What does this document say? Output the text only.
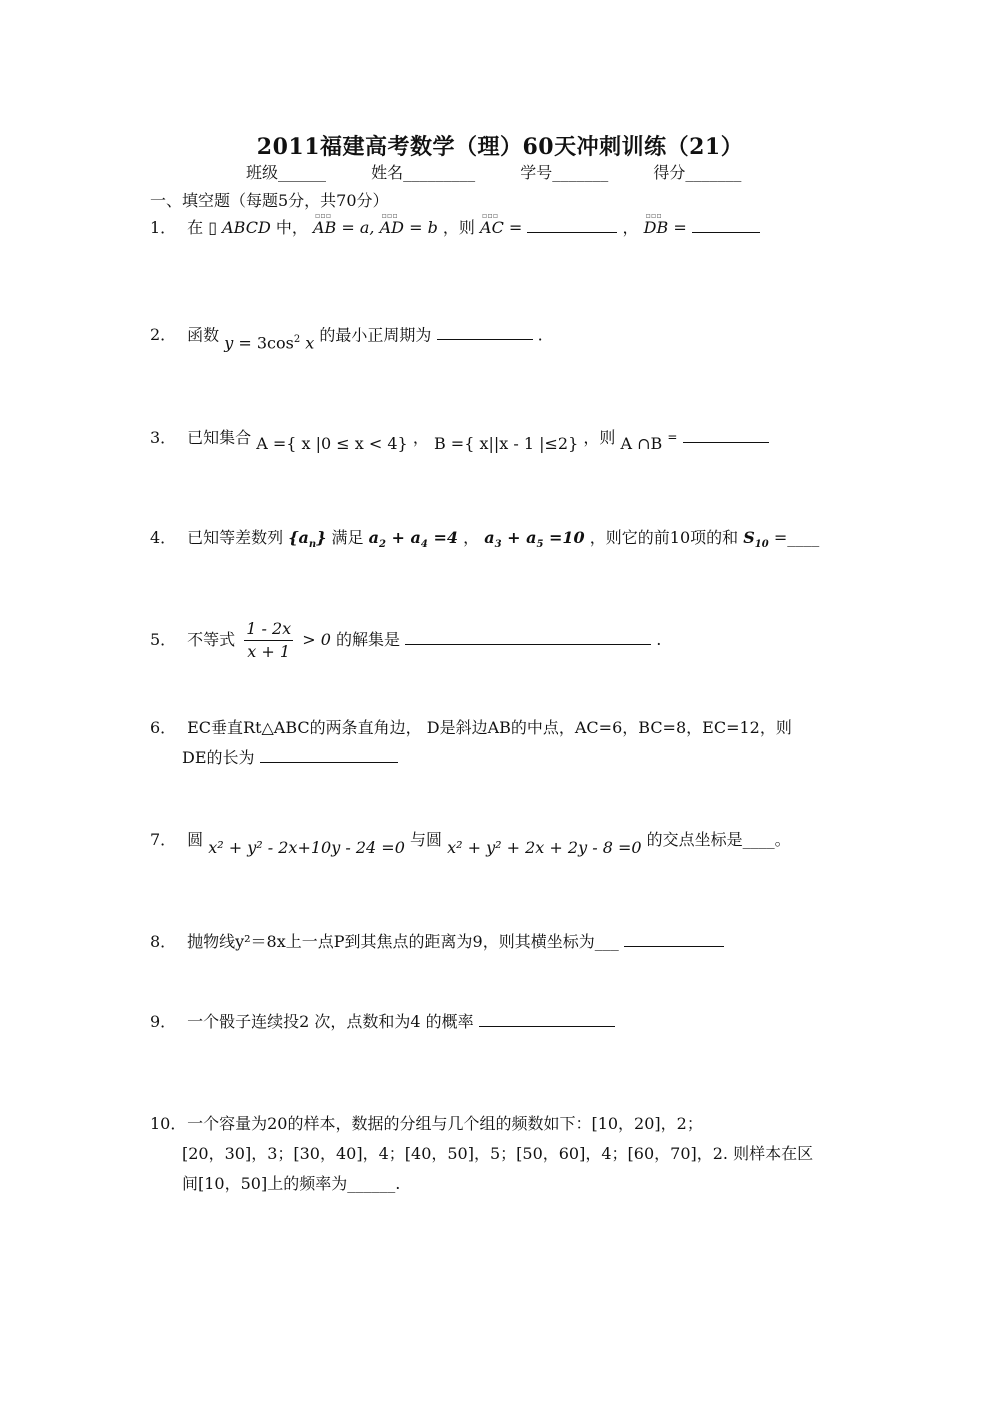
2011福建高考数学（理）60天冲刺训练（21）
班级______	姓名_________	学号_______	得分_______
一、填空题（每题5分，共70分）
1． 在 ▯ ABCD 中， ▫▫▫ AB = a, ▫▫▫ AD = b ，则 ▫▫▫ AC =	， ▫▫▫ DB =
2． 函数 $y = 3\cos^2$ x 的最小正周期为	.
3． 已知集合 A ={ x |0 ≤ x < 4} ， B ={ x||x - 1 |≤2} ，则 A ∩B =
4． 已知等差数列 $\{a_n\}$ 满足 $a_2 + a_4 =4$ ， $a_3 + a_5 =10$ ，则它的前10项的和 $S_{10}$ =____
5． 不等式 $\frac{1 - 2x}{x + 1} > 0$ 的解集是	.
6． EC垂直Rt△ABC的两条直角边， D是斜边AB的中点，AC=6，BC=8，EC=12，则
DE的长为
7． 圆 x² + y² - 2x+10y - 24 =0 与圆 x² + y² + 2x + 2y - 8 =0 的交点坐标是____。
8． 抛物线y²＝8x上一点P到其焦点的距离为9，则其横坐标为___
9． 一个骰子连续投2 次，点数和为4 的概率
10． 一个容量为20的样本，数据的分组与几个组的频数如下：[10，20]，2；
[20，30]，3；[30，40]，4；[40，50]，5；[50，60]，4；[60，70]，2. 则样本在区
间[10，50]上的频率为______.
